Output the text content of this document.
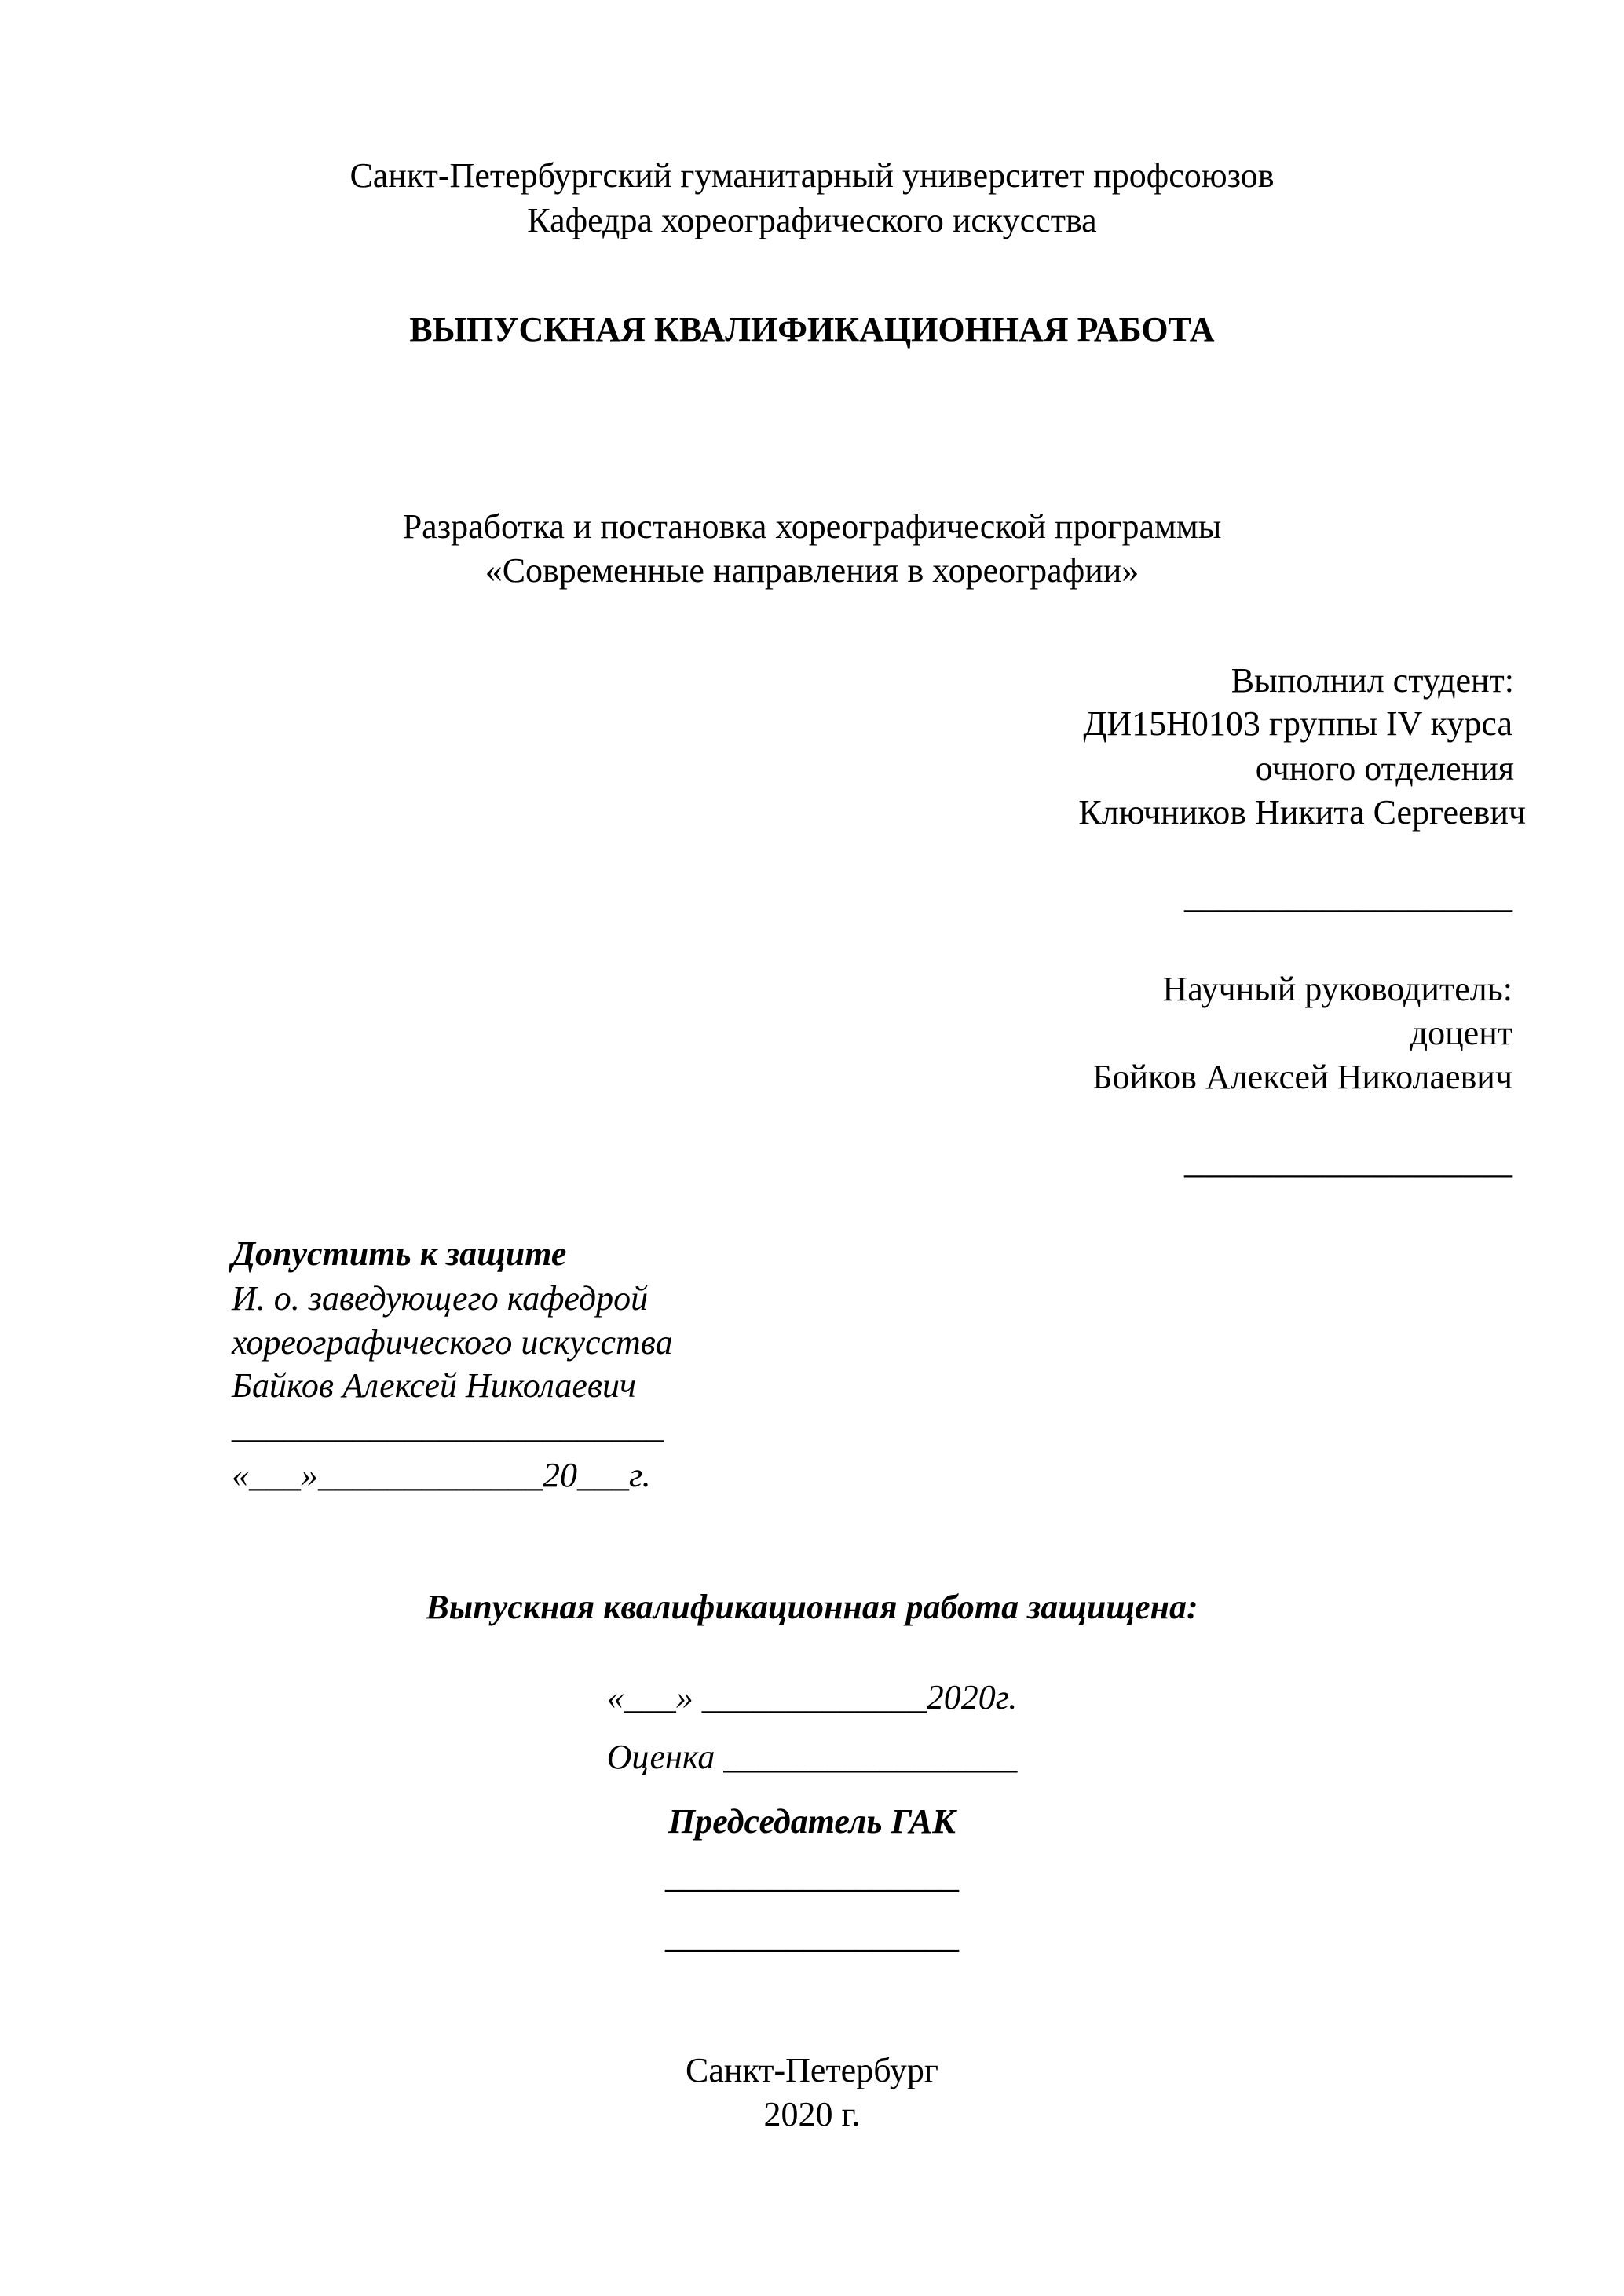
Санкт-Петербургский гуманитарный университет профсоюзов
Кафедра хореографического искусства
ВЫПУСКНАЯ КВАЛИФИКАЦИОННАЯ РАБОТА
Разработка и постановка хореографической программы
«Современные направления в хореографии»
Выполнил студент:
ДИ15Н0103 группы IV курса
очного отделения
Ключников Никита Сергеевич
___________________
Научный руководитель:
доцент
Бойков Алексей Николаевич
___________________
Допустить к защите
И. о. заведующего кафедрой
хореографического искусства
Байков Алексей Николаевич
_________________________
«___»_____________20___г.
Выпускная квалификационная работа защищена:
«___» _____________2020г.
Оценка _________________
Председатель ГАК
_________________
_________________
Санкт-Петербург
2020 г.
